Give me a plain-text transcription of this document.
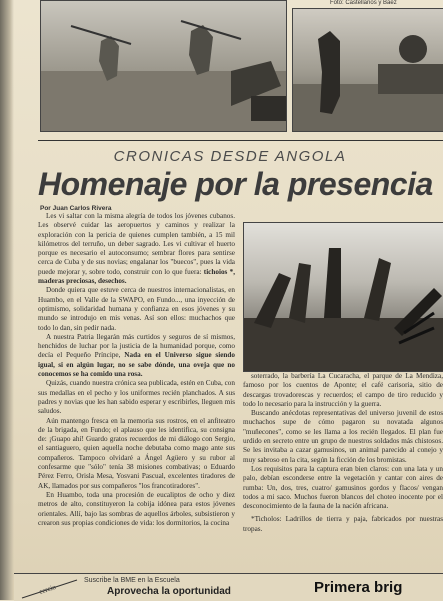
Foto: Castellanos y Baez
CRONICAS DESDE ANGOLA
Homenaje por la presencia
Por Juan Carlos Rivera

Les vi saltar con la misma alegría de todos los jóvenes cubanos. Les observé cuidar las aeropuertos y caminos y realizar la exploración con la pericia de quienes cumplen también, a 15 mil kilómetros del terruño, un deber sagrado. Les vi cultivar el huerto porque es necesario el autoconsumo; sembrar flores para sentirse cerca de Cuba y de sus novias; engalanar los "buecos", pues la vida puede mejorar y, sobre todo, construir con lo que fuera: tichoios *, maderas preciosas, desechos.

Donde quiera que estuve cerca de nuestros internacionalistas, en Huambo, en el Valle de la SWAPO, en Fundo..., una inyección de optimismo, solidaridad humana y confianza en esos jóvenes y su mundo se introdujo en mis venas. Así son ellos: muchachos que todo lo dan, sin pedir nada.

A nuestra Patria llegarán más curtidos y seguros de sí mismos, henchidos de luchar por la justicia de la humanidad porque, como decía el Pequeño Príncipe, Nada en el Universo sigue siendo igual, si en algún lugar, no se sabe dónde, una oveja que no conocemos se ha comido una rosa.

Quizás, cuando nuestra crónica sea publicada, estén en Cuba, con sus medallas en el pecho y los uniformes recién planchados. A sus padres y novias que les han sabido esperar y escribirles, lleguen mis saludos.

Aún mantengo fresca en la memoria sus rostros, en el anfiteatro de la brigada, en Fundo; el aplauso que les identifica, su consigna de: ¡Guapo ahí! Guardo gratos recuerdos de mi diálogo con Sergio, el santiaguero, quien aquella noche debutaba como mago ante sus compañeros. Tampoco olvidaré a Ángel Agüero y su rubor al confesarme que "sólo" tenía 38 misiones combativas; o Eduardo Pérez Ferro, Orisla Mesa, Yosvani Pascual, excelentes tiradores de AK, llamados por sus compañeros "los francotiradores".

En Huambo, toda una procesión de eucaliptos de ocho y diez metros de alto, constituyeron la cobija idónea para estos jóvenes orientales. Allí, bajo las sombras de aquellos árboles, subsistieron y crearon sus propias condiciones de vida: los dormitorios, la cocina

soterrado, la barbería La Cucaracha, el parque de La Mendiza, famoso por los cuentos de Aponte; el café carisoria, sitio de descargas trovadorescas y recuerdos; el campo de tiro reducido y todo lo necesario para la instrucción y la guerra.

Buscando anécdotas representativas del universo juvenil de estos muchachos supe de cómo pagaron su novatada algunos "muñecones", como se les llama a los recién llegados. El plan fue urdido en secreto entre un grupo de nuestros soldados más chistosos. Se les invitaba a cazar gamusinos, un animal parecido al conejo y muy sabroso en la cita, según la ficción de los bromistas.

Los requisitos para la captura eran bien claros: con una lata y un palo, debían esconderse entre la vegetación y cantar con aires de rumba: Un, dos, tres, cuatro/ gamusinos gordos y flacos/ vengan todos a mi saco. Muchos fueron blancos del choteo inocente por el desconocimiento de la fauna de la nación africana.

*Ticholos: Ladrillos de tierra y paja, fabricados por nuestras tropas.

cercio
Suscribe la BME en la Escuela
Aprovecha la oportunidad	Primera brig
